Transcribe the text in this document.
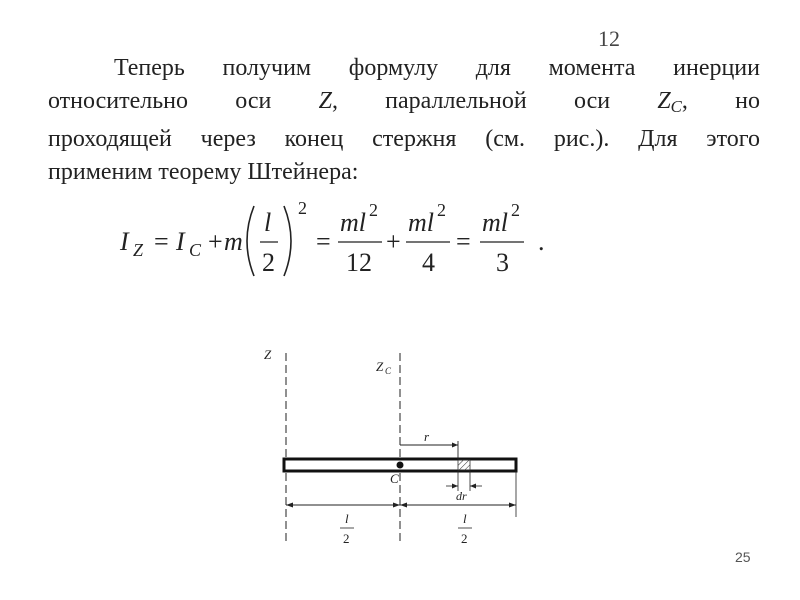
12
Теперь получим формулу для момента инерции
относительно оси Z, параллельной оси $Z_C$, но
проходящей через конец стержня (см. рис.). Для этого
применим теорему Штейнера:
I Z = I C + m
l
2
2
=
ml 2
12
+
ml 2
4
=
ml 2
3
.
Z
Z C
C
r
dr
l
2
l
2
25
